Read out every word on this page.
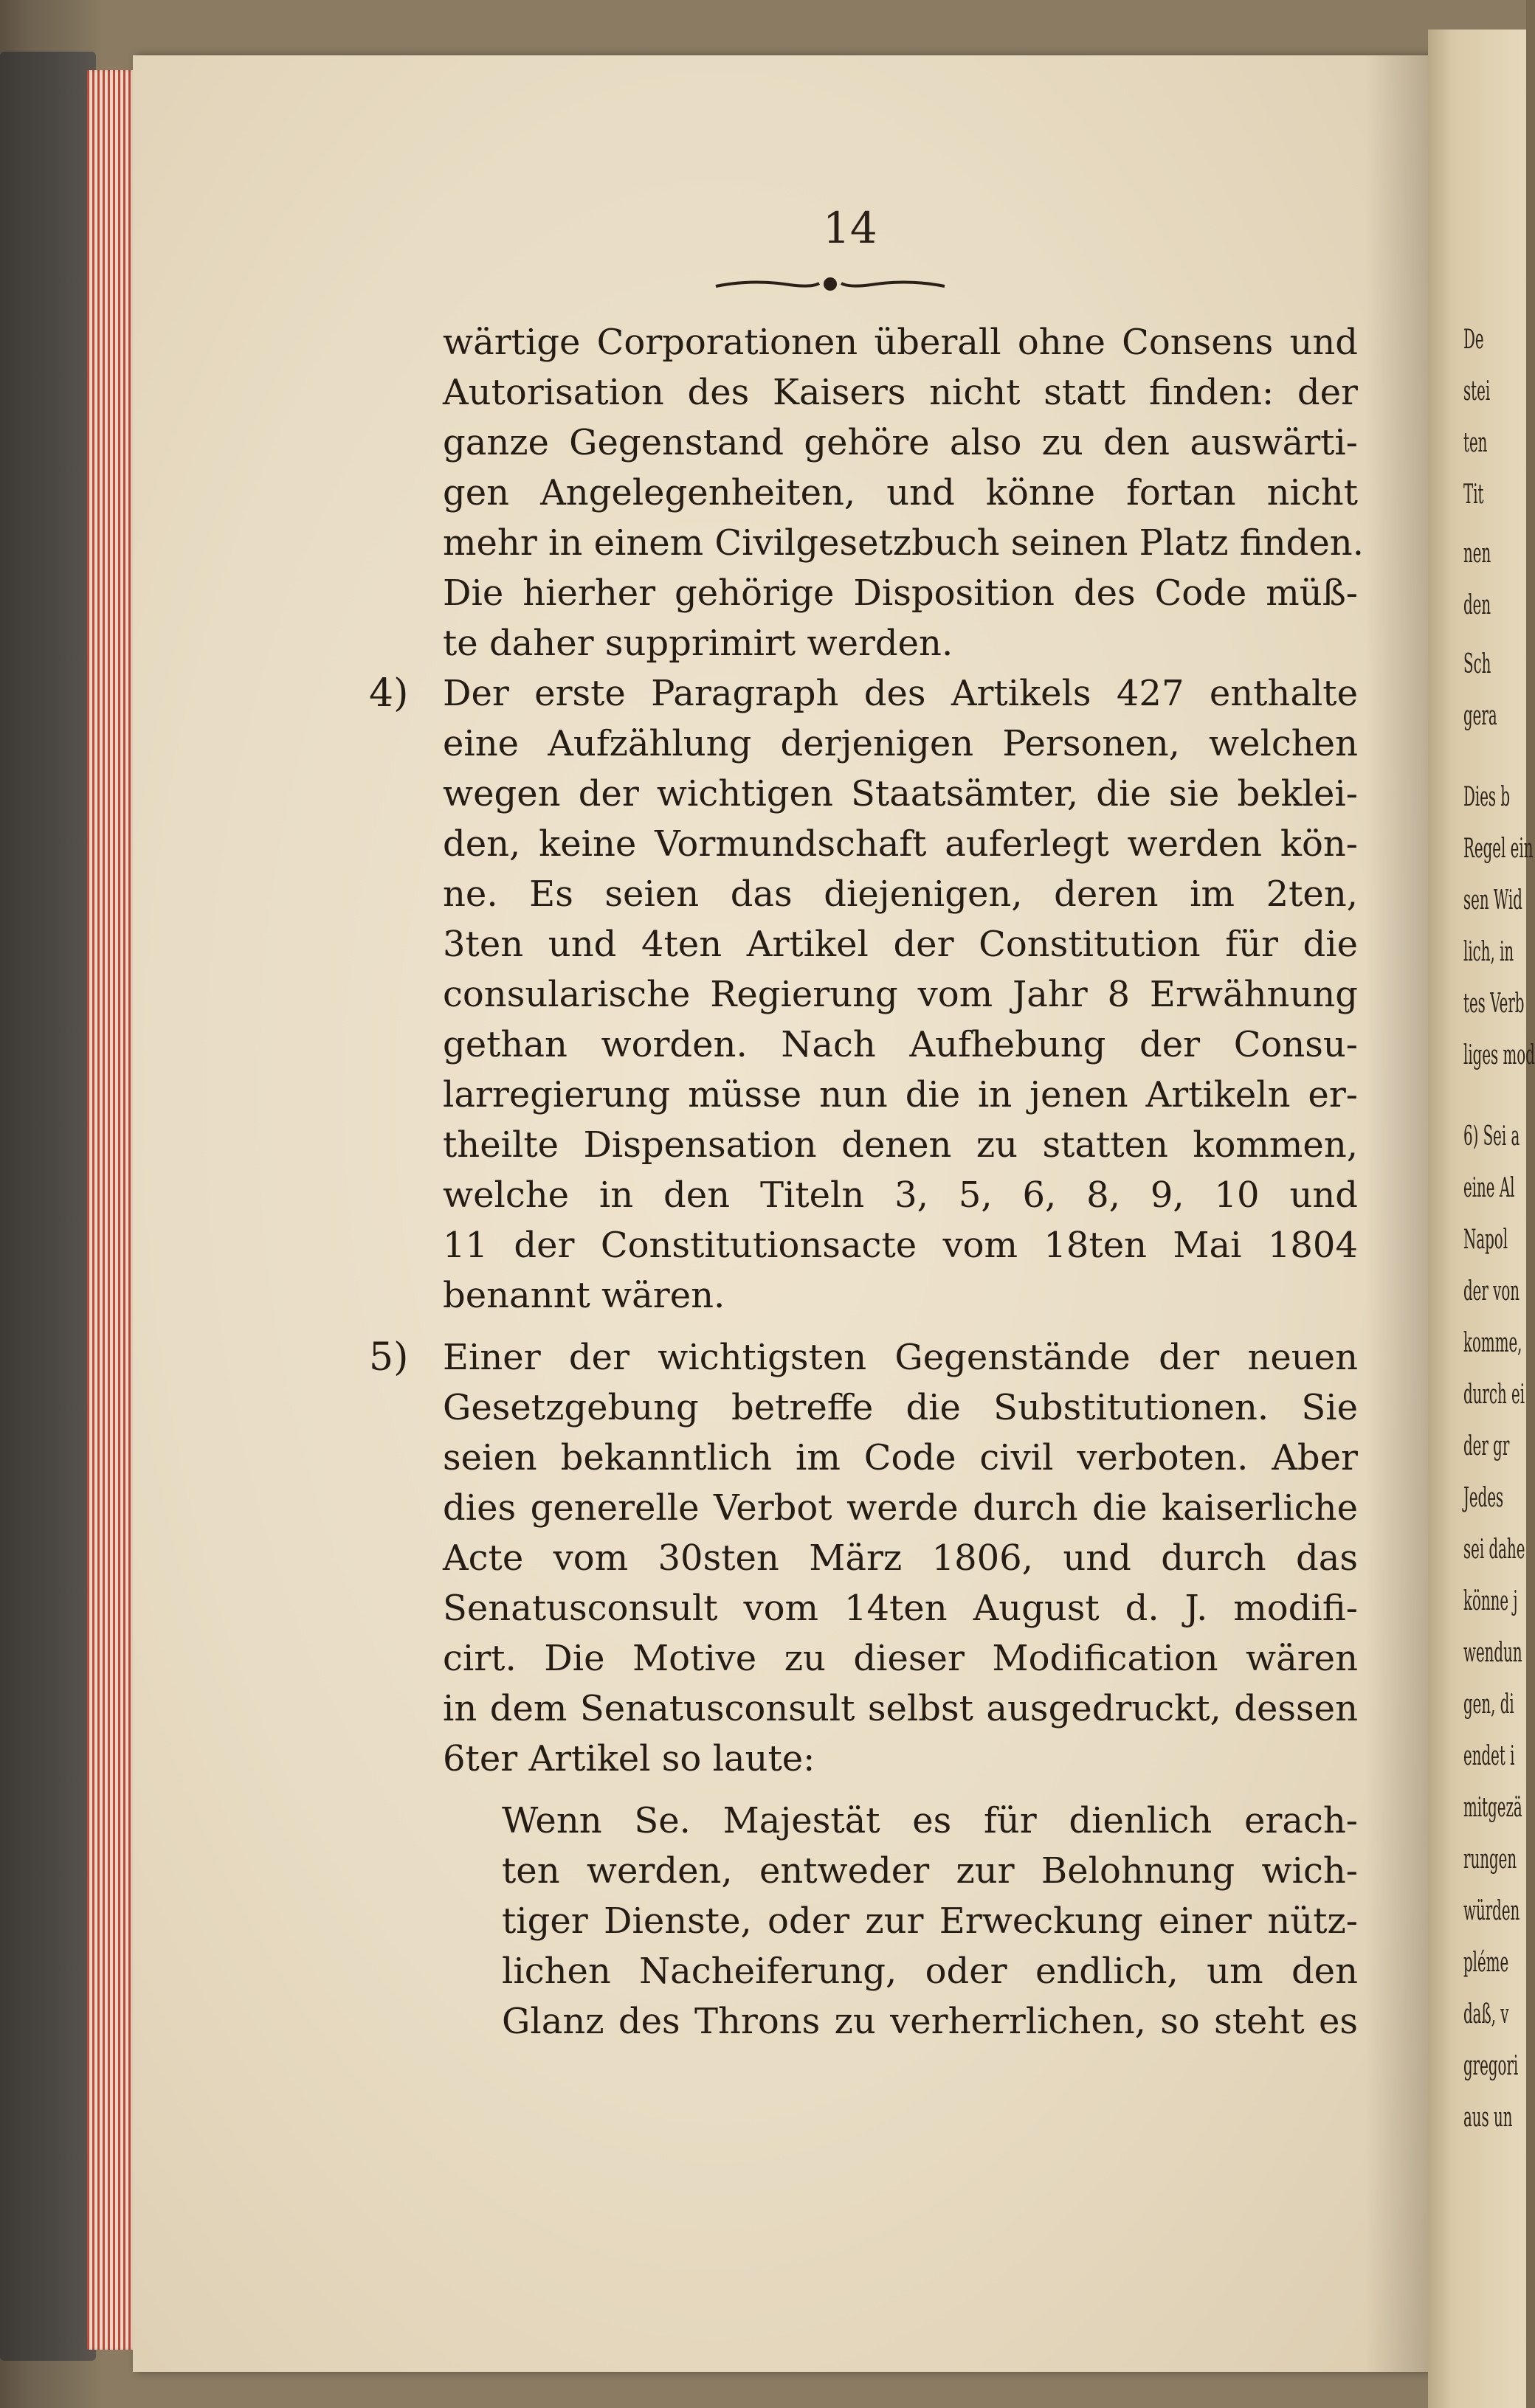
14
wärtige Corporationen überall ohne Consens und
Autorisation des Kaisers nicht statt finden: der
ganze Gegenstand gehöre also zu den auswärti-
gen Angelegenheiten, und könne fortan nicht
mehr in einem Civilgesetzbuch seinen Platz finden.
Die hierher gehörige Disposition des Code müß-
te daher supprimirt werden.
4) Der erste Paragraph des Artikels 427 enthalte
eine Aufzählung derjenigen Personen, welchen
wegen der wichtigen Staatsämter, die sie beklei-
den, keine Vormundschaft auferlegt werden kön-
ne. Es seien das diejenigen, deren im 2ten,
3ten und 4ten Artikel der Constitution für die
consularische Regierung vom Jahr 8 Erwähnung
gethan worden. Nach Aufhebung der Consu-
larregierung müsse nun die in jenen Artikeln er-
theilte Dispensation denen zu statten kommen,
welche in den Titeln 3, 5, 6, 8, 9, 10 und
11 der Constitutionsacte vom 18ten Mai 1804
benannt wären.
5) Einer der wichtigsten Gegenstände der neuen
Gesetzgebung betreffe die Substitutionen. Sie
seien bekanntlich im Code civil verboten. Aber
dies generelle Verbot werde durch die kaiserliche
Acte vom 30sten März 1806, und durch das
Senatusconsult vom 14ten August d. J. modifi-
cirt. Die Motive zu dieser Modification wären
in dem Senatusconsult selbst ausgedruckt, dessen
6ter Artikel so laute:
Wenn Se. Majestät es für dienlich erach-
ten werden, entweder zur Belohnung wich-
tiger Dienste, oder zur Erweckung einer nütz-
lichen Nacheiferung, oder endlich, um den
Glanz des Throns zu verherrlichen, so steht es
De
stei
ten
Tit
nen
den
Sch
gera
Dies b
Regel ein
sen Wid
lich, in
tes Verb
liges mod
6) Sei a
eine Al
Napol
der von
komme,
durch ei
der gr
Jedes
sei dahe
könne j
wendun
gen, di
endet i
mitgezä
rungen
würden
pléme
daß, v
gregori
aus un
